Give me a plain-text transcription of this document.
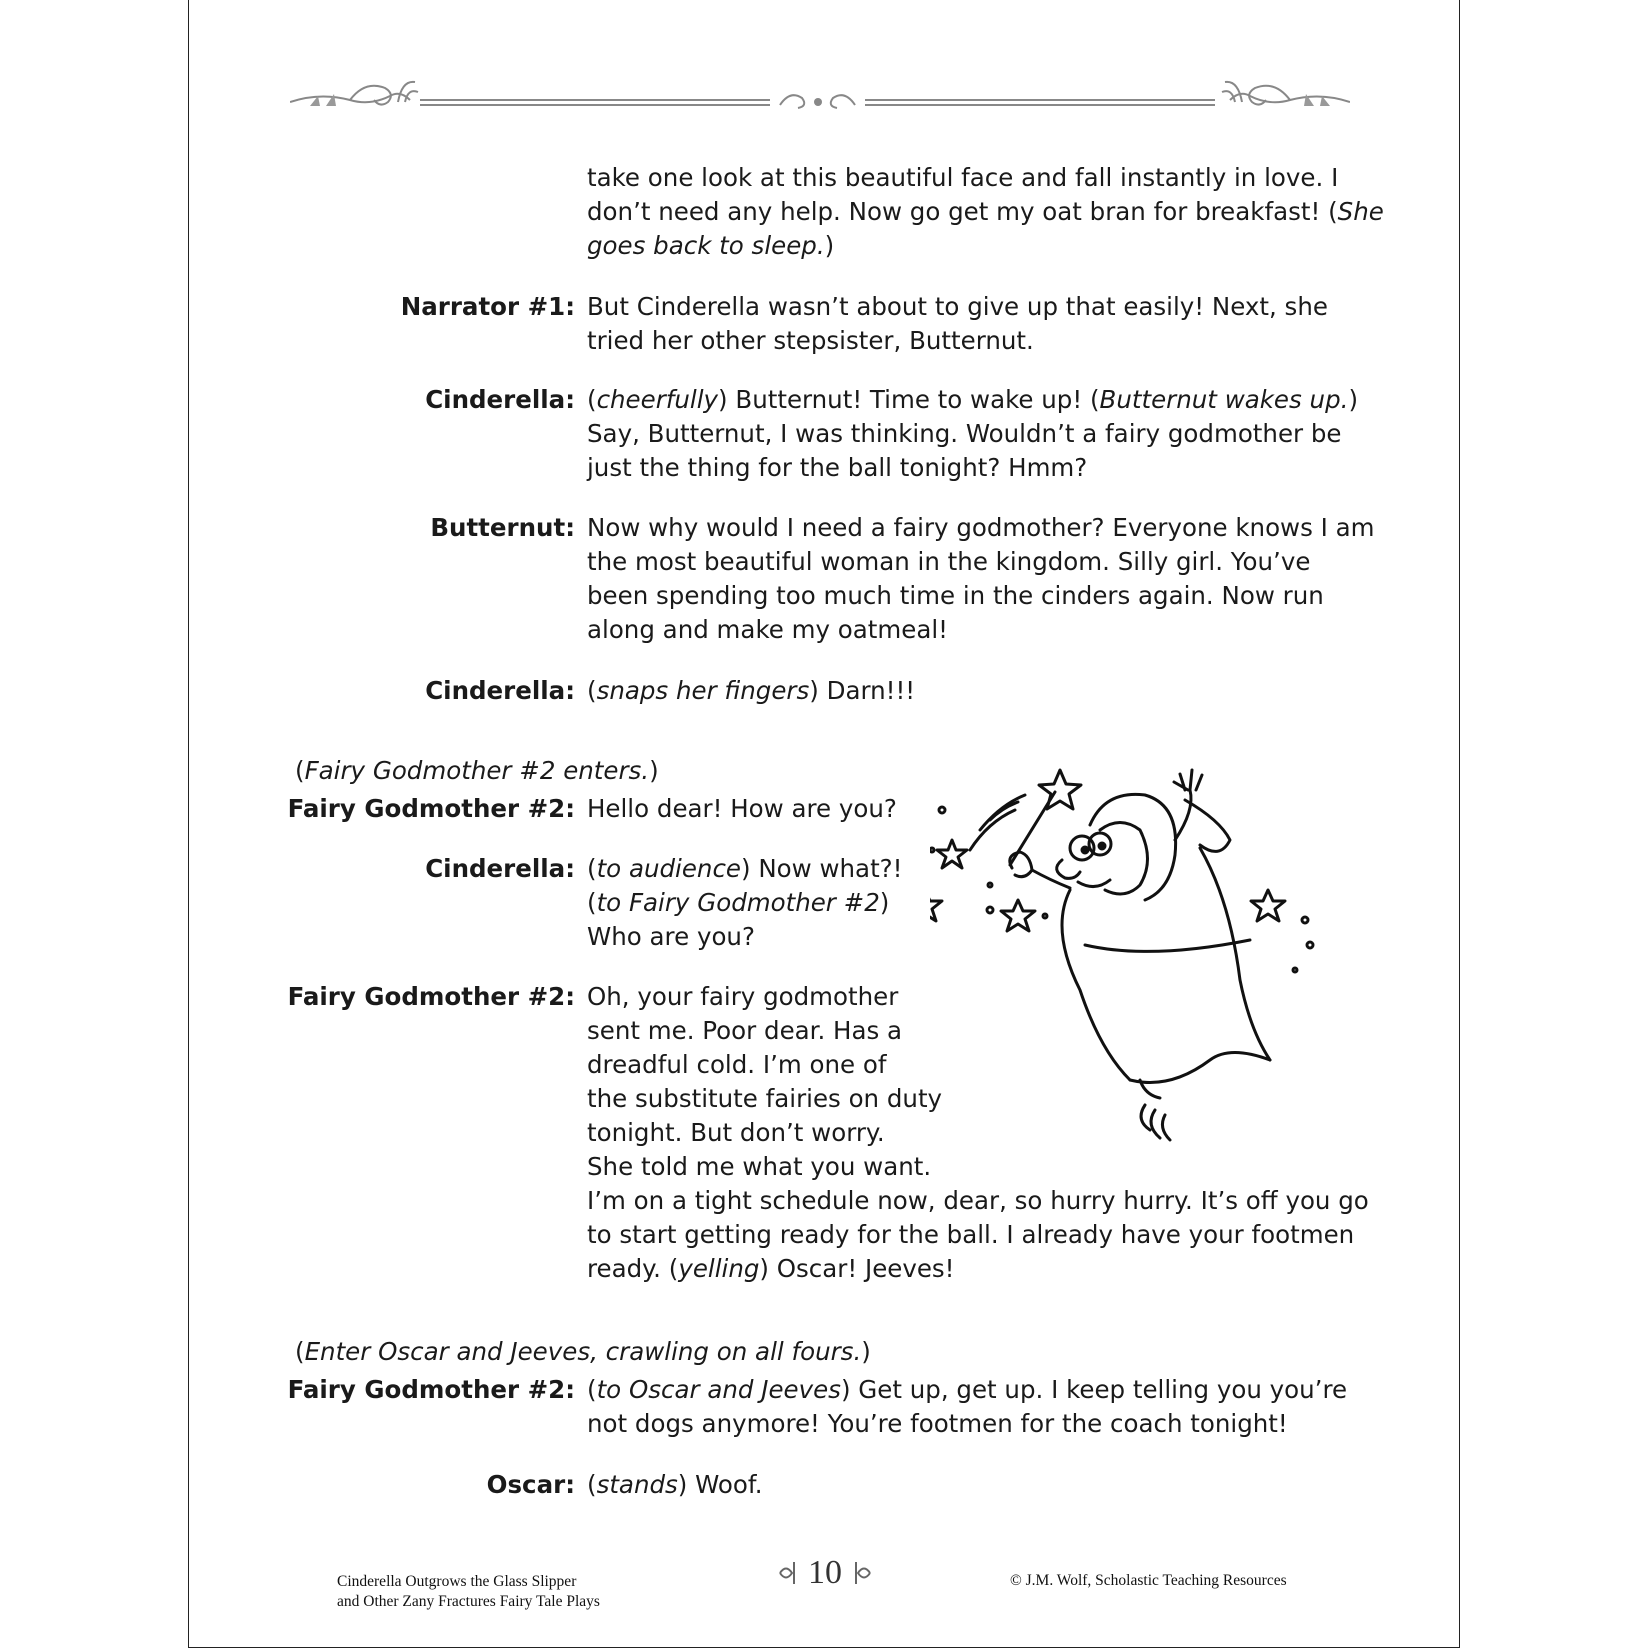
take one look at this beautiful face and fall instantly in love. I

don’t need any help. Now go get my oat bran for breakfast! (She

goes back to sleep.)

Narrator #1: But Cinderella wasn’t about to give up that easily! Next, she

tried her other stepsister, Butternut.

Cinderella: (cheerfully) Butternut! Time to wake up! (Butternut wakes up.)

Say, Butternut, I was thinking. Wouldn’t a fairy godmother be

just the thing for the ball tonight? Hmm?

Butternut: Now why would I need a fairy godmother? Everyone knows I am

the most beautiful woman in the kingdom. Silly girl. You’ve

been spending too much time in the cinders again. Now run

along and make my oatmeal!

Cinderella: (snaps her fingers) Darn!!!

(Fairy Godmother #2 enters.)

Fairy Godmother #2: Hello dear! How are you?

Cinderella: (to audience) Now what?!

(to Fairy Godmother #2)

Who are you?

Fairy Godmother #2: Oh, your fairy godmother

sent me. Poor dear. Has a

dreadful cold. I’m one of

the substitute fairies on duty

tonight. But don’t worry.

She told me what you want.

I’m on a tight schedule now, dear, so hurry hurry. It’s off you go

to start getting ready for the ball. I already have your footmen

ready. (yelling) Oscar! Jeeves!

(Enter Oscar and Jeeves, crawling on all fours.)

Fairy Godmother #2: (to Oscar and Jeeves) Get up, get up. I keep telling you you’re

not dogs anymore! You’re footmen for the coach tonight!

Oscar: (stands) Woof.

Cinderella Outgrows the Glass Slipper
and Other Zany Fractures Fairy Tale Plays
10	© J.M. Wolf, Scholastic Teaching Resources
